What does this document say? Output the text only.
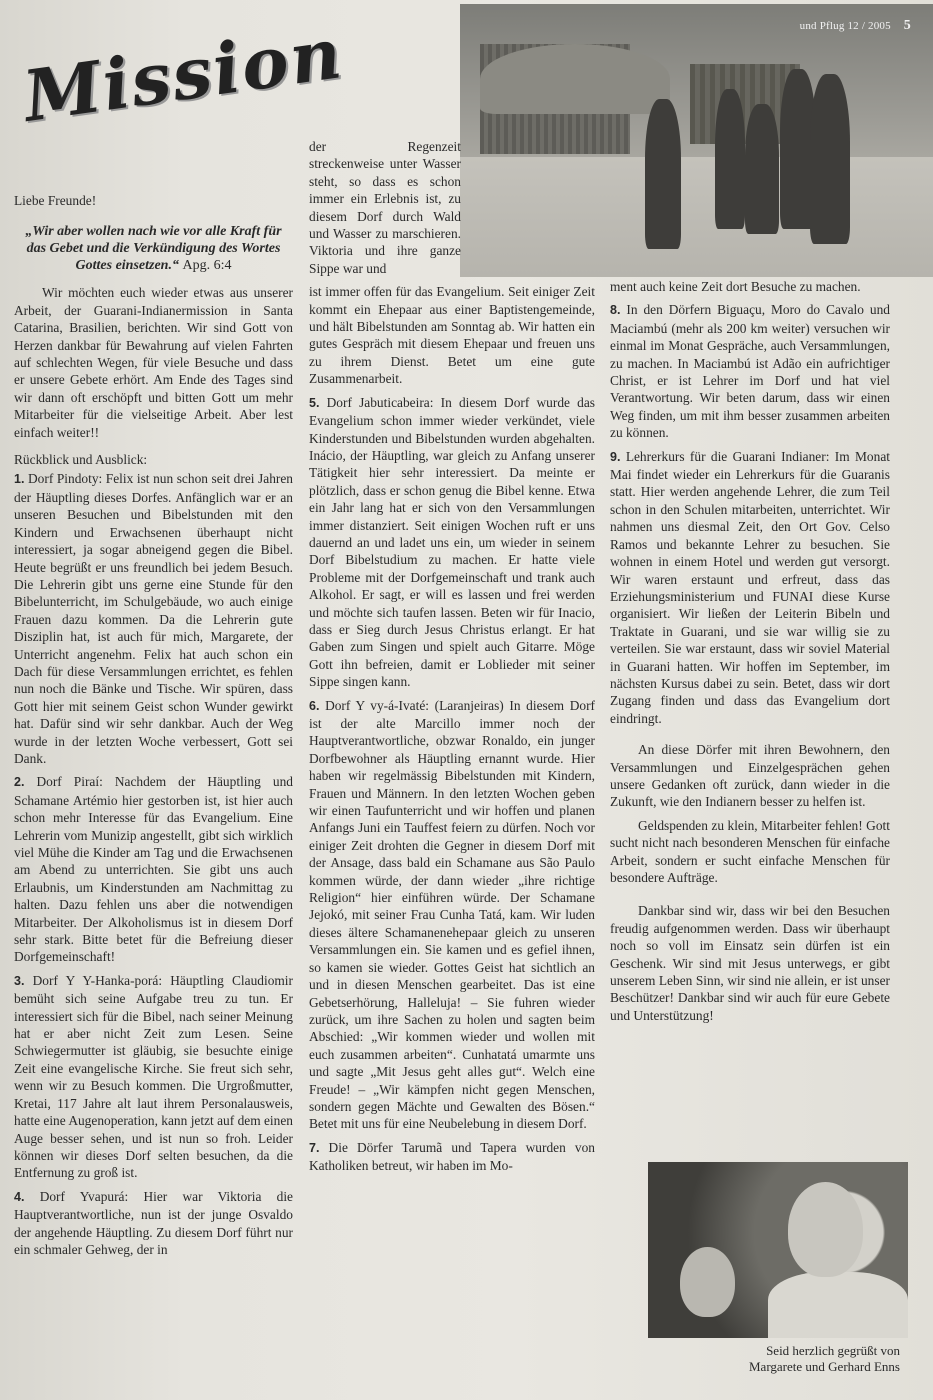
und Pflug 12 / 2005 5
Mission

Liebe Freunde!

„Wir aber wollen nach wie vor alle Kraft für das Gebet und die Verkündigung des Wortes Gottes einsetzen.“ Apg. 6:4

Wir möchten euch wieder etwas aus unserer Arbeit, der Guarani-Indianermission in Santa Catarina, Brasilien, berichten. Wir sind Gott von Herzen dankbar für Bewahrung auf vielen Fahrten auf schlechten Wegen, für viele Besuche und dass er unsere Gebete erhört. Am Ende des Tages sind wir dann oft erschöpft und bitten Gott um mehr Mitarbeiter für die vielseitige Arbeit. Aber lest einfach weiter!!

Rückblick und Ausblick:

1. Dorf Pindoty: Felix ist nun schon seit drei Jahren der Häuptling dieses Dorfes. Anfänglich war er an unseren Besuchen und Bibelstunden mit den Kindern und Erwachsenen überhaupt nicht interessiert, ja sogar abneigend gegen die Bibel. Heute begrüßt er uns freundlich bei jedem Besuch. Die Lehrerin gibt uns gerne eine Stunde für den Bibelunterricht, im Schulgebäude, wo auch einige Frauen dazu kommen. Da die Lehrerin gute Disziplin hat, ist auch für mich, Margarete, der Unterricht angenehm. Felix hat auch schon ein Dach für diese Versammlungen errichtet, es fehlen nun noch die Bänke und Tische. Wir spüren, dass Gott hier mit seinem Geist schon Wunder gewirkt hat. Dafür sind wir sehr dankbar. Auch der Weg wurde in der letzten Woche verbessert, Gott sei Dank.

2. Dorf Piraí: Nachdem der Häuptling und Schamane Artémio hier gestorben ist, ist hier auch schon mehr Interesse für das Evangelium. Eine Lehrerin vom Munizip angestellt, gibt sich wirklich viel Mühe die Kinder am Tag und die Erwachsenen am Abend zu unterrichten. Sie gibt uns auch Erlaubnis, um Kinderstunden am Nachmittag zu halten. Dazu fehlen uns aber die notwendigen Mitarbeiter. Der Alkoholismus ist in diesem Dorf sehr stark. Bitte betet für die Befreiung dieser Dorfgemeinschaft!

3. Dorf Y Y-Hanka-porá: Häuptling Claudiomir bemüht sich seine Aufgabe treu zu tun. Er interessiert sich für die Bibel, nach seiner Meinung hat er aber nicht Zeit zum Lesen. Seine Schwiegermutter ist gläubig, sie besuchte einige Zeit eine evangelische Kirche. Sie freut sich sehr, wenn wir zu Besuch kommen. Die Urgroßmutter, Kretai, 117 Jahre alt laut ihrem Personalausweis, hatte eine Augenoperation, kann jetzt auf dem einen Auge besser sehen, und ist nun so froh. Leider können wir dieses Dorf selten besuchen, da die Entfernung zu groß ist.

4. Dorf Yvapurá: Hier war Viktoria die Hauptverantwortliche, nun ist der junge Osvaldo der angehende Häuptling. Zu diesem Dorf führt nur ein schmaler Gehweg, der in

der Regenzeit streckenweise unter Wasser steht, so dass es schon immer ein Erlebnis ist, zu diesem Dorf durch Wald und Wasser zu marschieren. Viktoria und ihre ganze Sippe war und

ist immer offen für das Evangelium. Seit einiger Zeit kommt ein Ehepaar aus einer Baptistengemeinde, und hält Bibelstunden am Sonntag ab. Wir hatten ein gutes Gespräch mit diesem Ehepaar und freuen uns zu ihrem Dienst. Betet um eine gute Zusammenarbeit.

5. Dorf Jabuticabeira: In diesem Dorf wurde das Evangelium schon immer wieder verkündet, viele Kinderstunden und Bibelstunden wurden abgehalten. Inácio, der Häuptling, war gleich zu Anfang unserer Tätigkeit hier sehr interessiert. Da meinte er plötzlich, dass er schon genug die Bibel kenne. Etwa ein Jahr lang hat er sich von den Versammlungen immer distanziert. Seit einigen Wochen ruft er uns dauernd an und ladet uns ein, um wieder in seinem Dorf Bibelstudium zu machen. Er hatte viele Probleme mit der Dorfgemeinschaft und trank auch Alkohol. Er sagt, er will es lassen und frei werden und möchte sich taufen lassen. Beten wir für Inacio, dass er Sieg durch Jesus Christus erlangt. Er hat Gaben zum Singen und spielt auch Gitarre. Möge Gott ihn befreien, damit er Loblieder mit seiner Sippe singen kann.

6. Dorf Y vy-á-Ivaté: (Laranjeiras) In diesem Dorf ist der alte Marcillo immer noch der Hauptverantwortliche, obzwar Ronaldo, ein junger Dorfbewohner als Häuptling ernannt wurde. Hier haben wir regelmässig Bibelstunden mit Kindern, Frauen und Männern. In den letzten Wochen geben wir einen Taufunterricht und wir hoffen und planen Anfangs Juni ein Tauffest feiern zu dürfen. Noch vor einiger Zeit drohten die Gegner in diesem Dorf mit der Ansage, dass bald ein Schamane aus São Paulo kommen würde, der dann wieder „ihre richtige Religion“ hier einführen würde. Der Schamane Jejokó, mit seiner Frau Cunha Tatá, kam. Wir luden dieses ältere Schamanenehepaar gleich zu unseren Versammlungen ein. Sie kamen und es gefiel ihnen, so kamen sie wieder. Gottes Geist hat sichtlich an und in diesen Menschen gearbeitet. Das ist eine Gebetserhörung, Halleluja! – Sie fuhren wieder zurück, um ihre Sachen zu holen und sagten beim Abschied: „Wir kommen wieder und wollen mit euch zusammen arbeiten“. Cunhatatá umarmte uns und sagte „Mit Jesus geht alles gut“. Welch eine Freude! – „Wir kämpfen nicht gegen Menschen, sondern gegen Mächte und Gewalten des Bösen.“ Betet mit uns für eine Neubelebung in diesem Dorf.

7. Die Dörfer Tarumã und Tapera wurden von Katholiken betreut, wir haben im Mo-

ment auch keine Zeit dort Besuche zu machen.

8. In den Dörfern Biguaçu, Moro do Cavalo und Maciambú (mehr als 200 km weiter) versuchen wir einmal im Monat Gespräche, auch Versammlungen, zu machen. In Maciambú ist Adão ein aufrichtiger Christ, er ist Lehrer im Dorf und hat viel Verantwortung. Wir beten darum, dass wir einen Weg finden, um mit ihm besser zusammen arbeiten zu können.

9. Lehrerkurs für die Guarani Indianer: Im Monat Mai findet wieder ein Lehrerkurs für die Guaranis statt. Hier werden angehende Lehrer, die zum Teil schon in den Schulen mitarbeiten, unterrichtet. Wir nahmen uns diesmal Zeit, den Ort Gov. Celso Ramos und bekannte Lehrer zu besuchen. Sie wohnen in einem Hotel und werden gut versorgt. Wir waren erstaunt und erfreut, dass das Erziehungsministerium und FUNAI diese Kurse organisiert. Wir ließen der Leiterin Bibeln und Traktate in Guarani, und sie war willig sie zu verteilen. Sie war erstaunt, dass wir soviel Material in Guarani hatten. Wir hoffen im September, im nächsten Kursus dabei zu sein. Betet, dass wir dort Zugang finden und dass das Evangelium dort eindringt.

An diese Dörfer mit ihren Bewohnern, den Versammlungen und Einzelgesprächen gehen unsere Gedanken oft zurück, dann wieder in die Zukunft, wie den Indianern besser zu helfen ist.

Geldspenden zu klein, Mitarbeiter fehlen! Gott sucht nicht nach besonderen Menschen für einfache Arbeit, sondern er sucht einfache Menschen für besondere Aufträge.

Dankbar sind wir, dass wir bei den Besuchen freudig aufgenommen werden. Dass wir überhaupt noch so voll im Einsatz sein dürfen ist ein Geschenk. Wir sind mit Jesus unterwegs, er gibt unserem Leben Sinn, wir sind nie allein, er ist unser Beschützer! Dankbar sind wir auch für eure Gebete und Unterstützung!

Seid herzlich gegrüßt von
Margarete und Gerhard Enns
